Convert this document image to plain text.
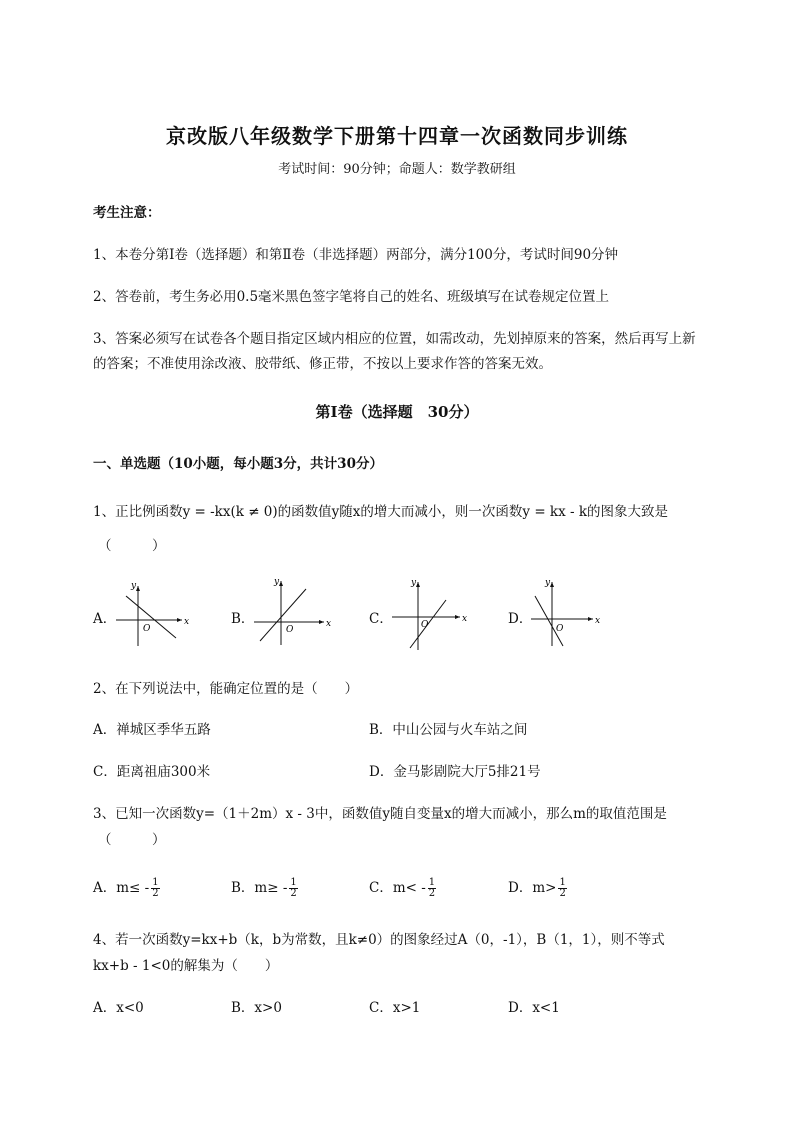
京改版八年级数学下册第十四章一次函数同步训练
考试时间：90分钟；命题人：数学教研组
考生注意：
1、本卷分第I卷（选择题）和第Ⅱ卷（非选择题）两部分，满分100分，考试时间90分钟
2、答卷前，考生务必用0.5毫米黑色签字笔将自己的姓名、班级填写在试卷规定位置上
3、答案必须写在试卷各个题目指定区域内相应的位置，如需改动，先划掉原来的答案，然后再写上新
的答案；不准使用涂改液、胶带纸、修正带，不按以上要求作答的答案无效。
第I卷（选择题　30分）
一、单选题（10小题，每小题3分，共计30分）
1、正比例函数y = -kx(k ≠ 0)的函数值y随x的增大而减小，则一次函数y = kx - k的图象大致是
（　　　）
A．	x
y
O
B．	x
y
O
C．	x
y
O	D．	x
y
O
2、在下列说法中，能确定位置的是（　　）
A．禅城区季华五路	B．中山公园与火车站之间
C．距离祖庙300米	D．金马影剧院大厅5排21号
3、已知一次函数y=（1＋2m）x - 3中，函数值y随自变量x的增大而减小，那么m的取值范围是
（　　　）
A．$m\le - \frac{1}{2}$	B．$m\ge - \frac{1}{2}$	C．$m< - \frac{1}{2}$	D．$m> \frac{1}{2}$
4、若一次函数y=kx+b（k，b为常数，且k≠0）的图象经过A（0，-1），B（1，1），则不等式
kx+b - 1<0的解集为（　　）
A．x<0	B．x>0	C．x>1	D．x<1
